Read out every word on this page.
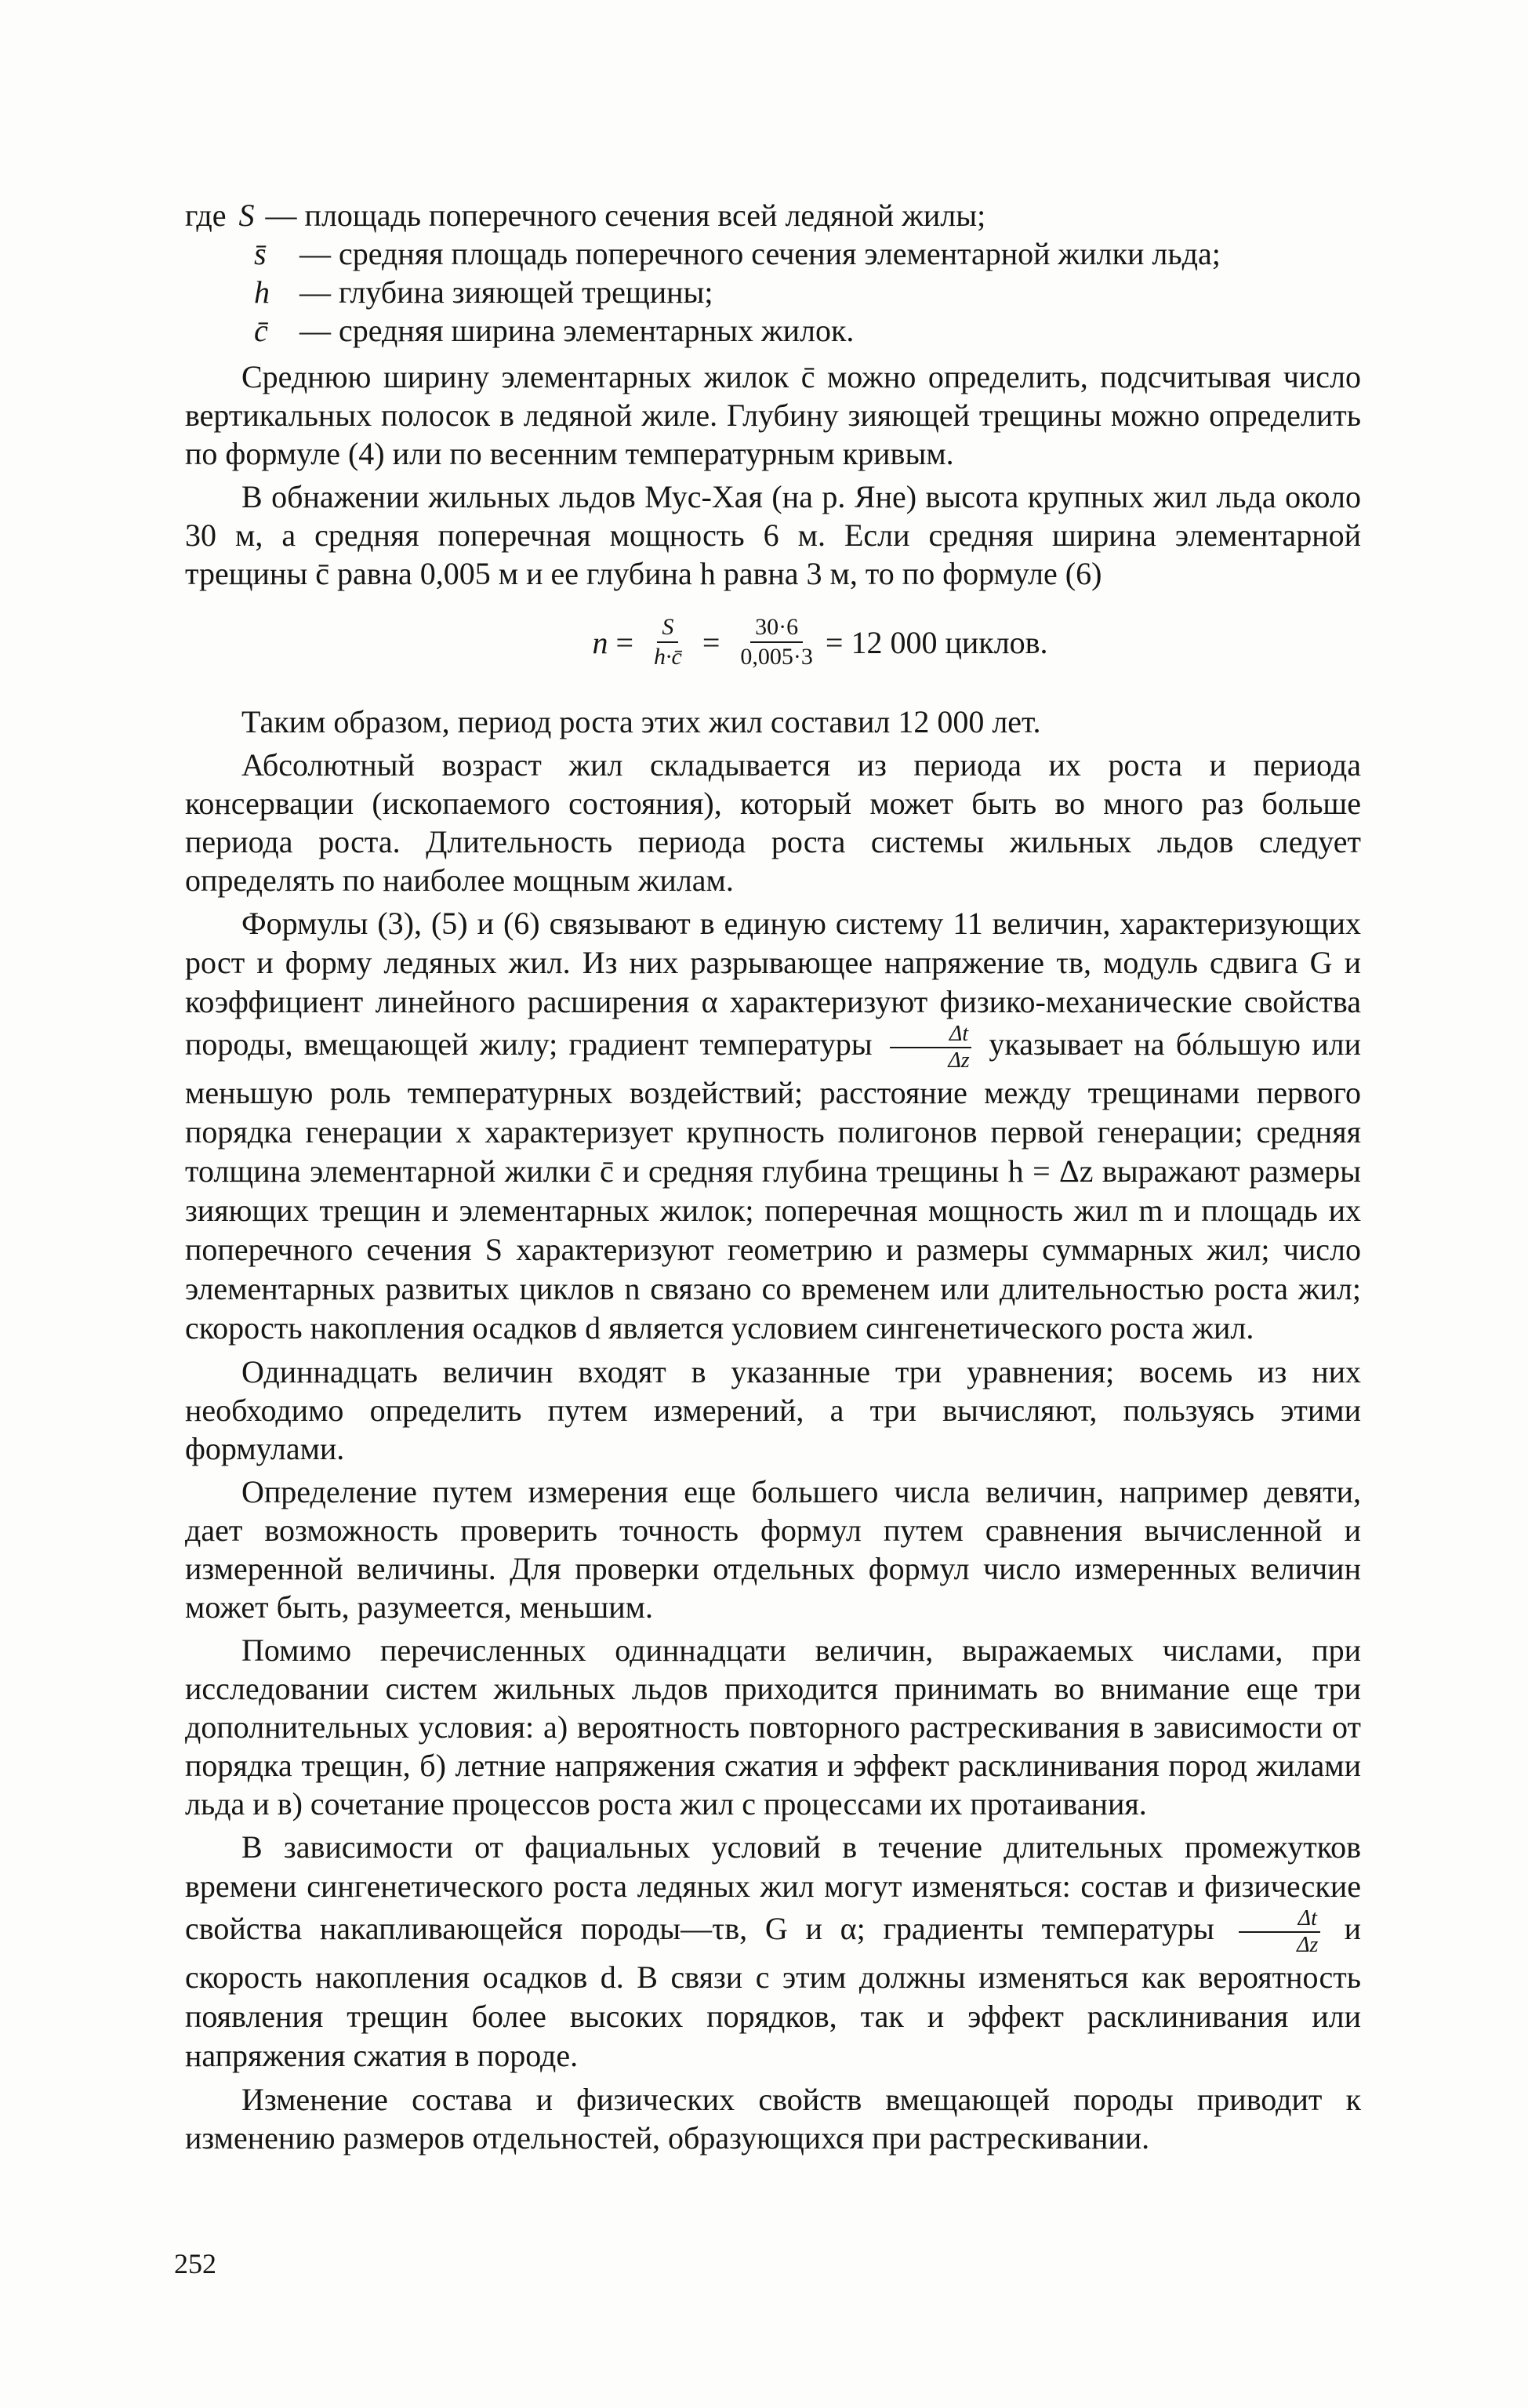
где S — площадь поперечного сечения всей ледяной жилы;
s̄	— средняя площадь поперечного сечения элементарной жилки льда;
h — глубина зияющей трещины;
c̄	— средняя ширина элементарных жилок.

Среднюю ширину элементарных жилок c̄ можно определить, подсчитывая число вертикальных полосок в ледяной жиле. Глубину зияющей трещины можно определить по формуле (4) или по весенним температурным кривым.

В обнажении жильных льдов Мус-Хая (на р. Яне) высота крупных жил льда около 30 м, а средняя поперечная мощность 6 м. Если средняя ширина элементарной трещины c̄ равна 0,005 м и ее глубина h равна 3 м, то по формуле (6)

$n = \frac{S}{h\cdot c̄} = \frac{30\cdot 6}{0,005\cdot 3} = 12$ 000 циклов.

Таким образом, период роста этих жил составил 12 000 лет.

Абсолютный возраст жил складывается из периода их роста и периода консервации (ископаемого состояния), который может быть во много раз больше периода роста. Длительность периода роста системы жильных льдов следует определять по наиболее мощным жилам.

Формулы (3), (5) и (6) связывают в единую систему 11 величин, характеризующих рост и форму ледяных жил. Из них разрывающее напряжение τв, модуль сдвига G и коэффициент линейного расширения α характеризуют физико-механические свойства породы, вмещающей жилу; градиент температуры $\frac{\Delta t}{\Delta z}$ указывает на бóльшую или меньшую роль температурных воздействий; расстояние между трещинами первого порядка генерации x характеризует крупность полигонов первой генерации; средняя толщина элементарной жилки c̄ и средняя глубина трещины h = Δz выражают размеры зияющих трещин и элементарных жилок; поперечная мощность жил m и площадь их поперечного сечения S характеризуют геометрию и размеры суммарных жил; число элементарных развитых циклов n связано со временем или длительностью роста жил; скорость накопления осадков d является условием сингенетического роста жил.

Одиннадцать величин входят в указанные три уравнения; восемь из них необходимо определить путем измерений, а три вычисляют, пользуясь этими формулами.

Определение путем измерения еще большего числа величин, например девяти, дает возможность проверить точность формул путем сравнения вычисленной и измеренной величины. Для проверки отдельных формул число измеренных величин может быть, разумеется, меньшим.

Помимо перечисленных одиннадцати величин, выражаемых числами, при исследовании систем жильных льдов приходится принимать во внимание еще три дополнительных условия: а) вероятность повторного растрескивания в зависимости от порядка трещин, б) летние напряжения сжатия и эффект расклинивания пород жилами льда и в) сочетание процессов роста жил с процессами их протаивания.

В зависимости от фациальных условий в течение длительных промежутков времени сингенетического роста ледяных жил могут изменяться: состав и физические свойства накапливающейся породы—τв, G и α; градиенты температуры $\frac{\Delta t}{\Delta z}$ и скорость накопления осадков d. В связи с этим должны изменяться как вероятность появления трещин более высоких порядков, так и эффект расклинивания или напряжения сжатия в породе.

Изменение состава и физических свойств вмещающей породы приводит к изменению размеров отдельностей, образующихся при растрескивании.

252
